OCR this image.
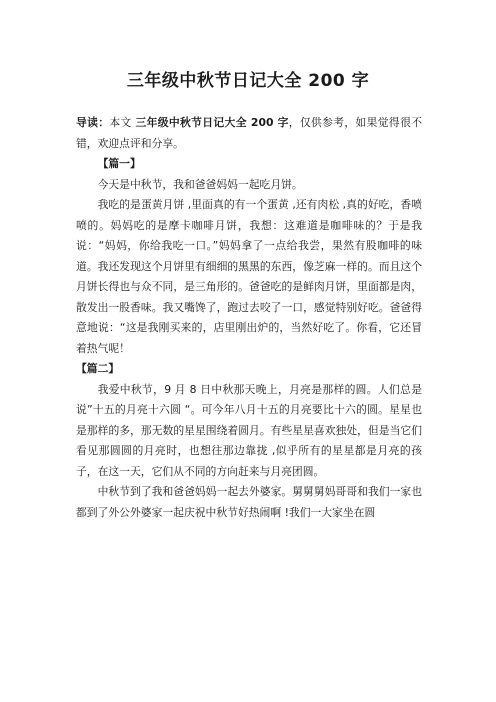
三年级中秋节日记大全 200 字

导读：本文 三年级中秋节日记大全 200 字，仅供参考，如果觉得很不错，欢迎点评和分享。

【篇一】

今天是中秋节，我和爸爸妈妈一起吃月饼。

我吃的是蛋黄月饼 ,里面真的有一个蛋黄 ,还有肉松 ,真的好吃，香喷喷的。妈妈吃的是摩卡咖啡月饼，我想：这难道是咖啡味的？于是我说：“妈妈，你给我吃一口。”妈妈拿了一点给我尝，果然有股咖啡的味道。我还发现这个月饼里有细细的黑黑的东西，像芝麻一样的。而且这个月饼长得也与众不同，是三角形的。爸爸吃的是鲜肉月饼，里面都是肉，散发出一股香味。我又嘴馋了，跑过去咬了一口，感觉特别好吃。爸爸得意地说：“这是我刚买来的，店里刚出炉的，当然好吃了。你看，它还冒着热气呢！

【篇二】

我爱中秋节，9 月 8 日中秋那天晚上，月亮是那样的圆。人们总是说”十五的月亮十六圆 “。可今年八月十五的月亮要比十六的圆。星星也是那样的多，那无数的星星围绕着圆月。有些星星喜欢独处，但是当它们看见那圆圆的月亮时，也想往那边靠拢 ,似乎所有的星星都是月亮的孩子，在这一天，它们从不同的方向赶来与月亮团圆。

中秋节到了我和爸爸妈妈一起去外婆家。舅舅舅妈哥哥和我们一家也都到了外公外婆家一起庆祝中秋节好热闹啊 !我们一大家坐在圆
